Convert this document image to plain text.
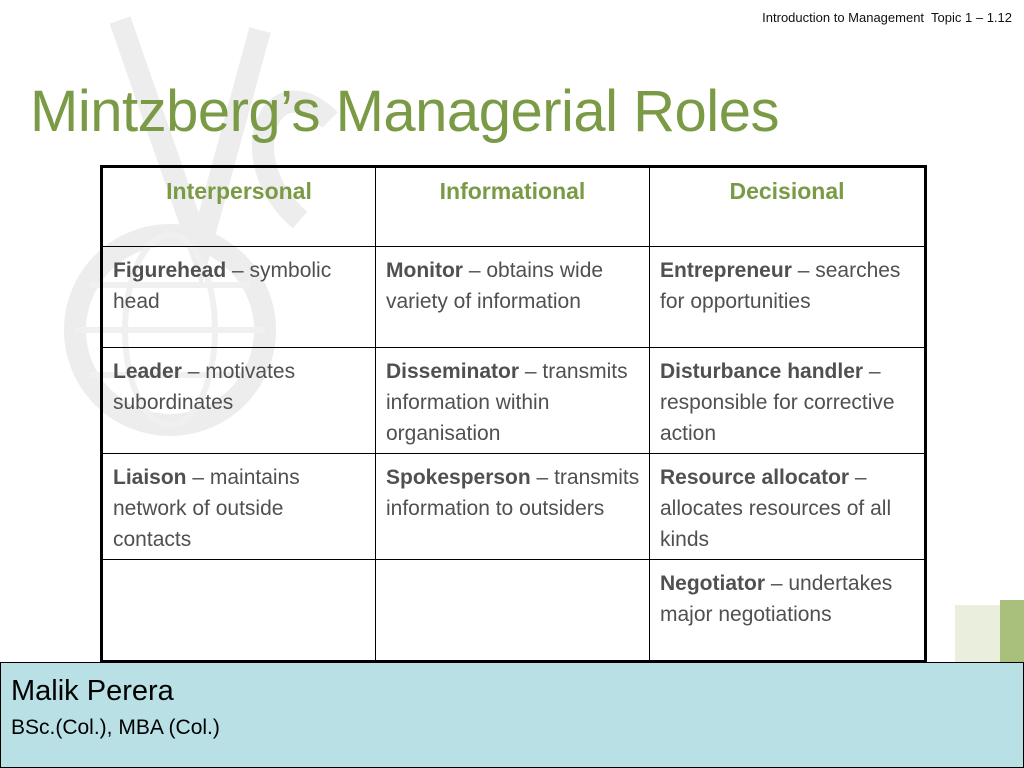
Introduction to Management Topic 1 – 1.12
Mintzberg’s Managerial Roles
Interpersonal	Informational	Decisional
Figurehead – symbolic head	Monitor – obtains wide variety of information	Entrepreneur – searches for opportunities
Leader – motivates subordinates	Disseminator – transmits information within organisation	Disturbance handler – responsible for corrective action
Liaison – maintains network of outside contacts	Spokesperson – transmits information to outsiders	Resource allocator – allocates resources of all kinds
		Negotiator – undertakes major negotiations
Malik Perera
BSc.(Col.), MBA (Col.)
